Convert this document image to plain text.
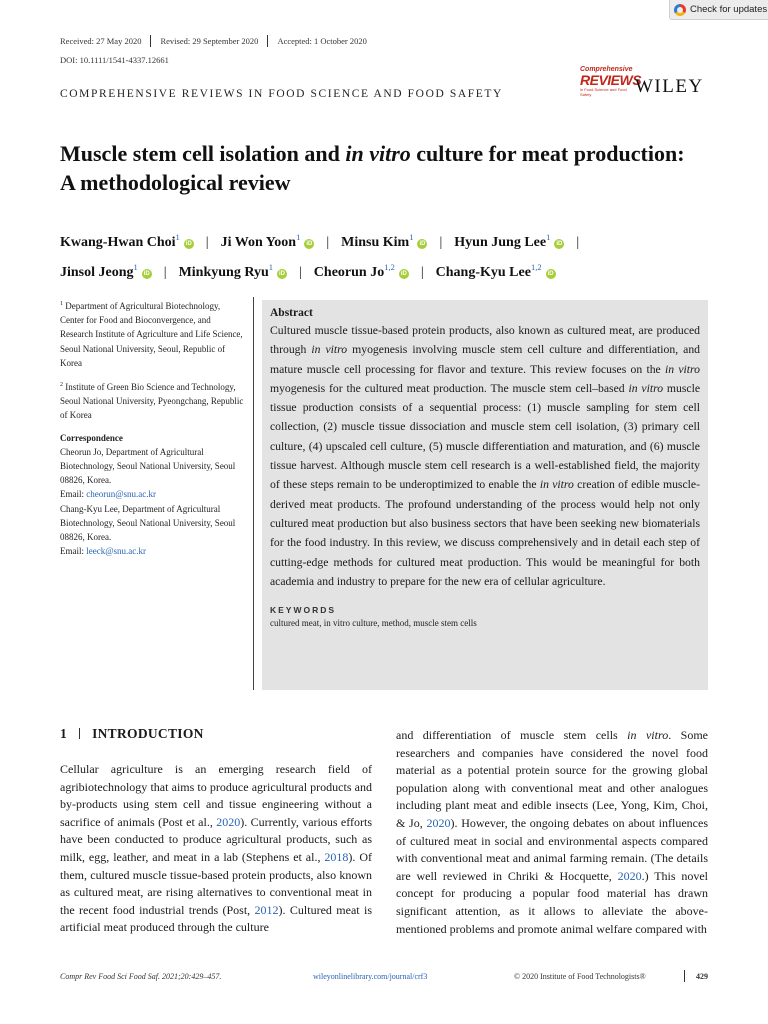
Check for updates
Received: 27 May 2020	Revised: 29 September 2020	Accepted: 1 October 2020
DOI: 10.1111/1541-4337.12661
COMPREHENSIVE REVIEWS IN FOOD SCIENCE AND FOOD SAFETY
Comprehensive
REVIEWS
in Food Science and Food Safety	WILEY
Muscle stem cell isolation and in vitro culture for meat production: A methodological review
Kwang-Hwan Choi$^1$iD | Ji Won Yoon$^1$iD | Minsu Kim$^1$iD | Hyun Jung Lee$^1$iD |
Jinsol Jeong$^1$iD | Minkyung Ryu$^1$iD | Cheorun Jo$^{1,2}$iD | Chang-Kyu Lee$^{1,2}$iD

$^1$ Department of Agricultural Biotechnology, Center for Food and Bioconvergence, and Research Institute of Agriculture and Life Science, Seoul National University, Seoul, Republic of Korea

$^2$ Institute of Green Bio Science and Technology, Seoul National University, Pyeongchang, Republic of Korea

Correspondence

Cheorun Jo, Department of Agricultural Biotechnology, Seoul National University, Seoul 08826, Korea.
Email: cheorun@snu.ac.kr
Chang-Kyu Lee, Department of Agricultural Biotechnology, Seoul National University, Seoul 08826, Korea.
Email: leeck@snu.ac.kr
Abstract
Cultured muscle tissue-based protein products, also known as cultured meat, are produced through in vitro myogenesis involving muscle stem cell culture and differentiation, and mature muscle cell processing for flavor and texture. This review focuses on the in vitro myogenesis for the cultured meat production. The muscle stem cell–based in vitro muscle tissue production consists of a sequential process: (1) muscle sampling for stem cell collection, (2) muscle tissue dissociation and muscle stem cell isolation, (3) primary cell culture, (4) upscaled cell culture, (5) muscle differentiation and maturation, and (6) muscle tissue harvest. Although muscle stem cell research is a well-established field, the majority of these steps remain to be underoptimized to enable the in vitro creation of edible muscle-derived meat products. The profound understanding of the process would help not only cultured meat production but also business sectors that have been seeking new biomaterials for the food industry. In this review, we discuss comprehensively and in detail each step of cutting-edge methods for cultured meat production. This would be meaningful for both academia and industry to prepare for the new era of cellular agriculture.
KEYWORDS
cultured meat, in vitro culture, method, muscle stem cells
1 INTRODUCTION
Cellular agriculture is an emerging research field of agribiotechnology that aims to produce agricultural products and by-products using stem cell and tissue engineering without a sacrifice of animals (Post et al., 2020). Currently, various efforts have been conducted to produce agricultural products, such as milk, egg, leather, and meat in a lab (Stephens et al., 2018). Of them, cultured muscle tissue-based protein products, also known as cultured meat, are rising alternatives to conventional meat in the recent food industrial trends (Post, 2012). Cultured meat is artificial meat produced through the culture
and differentiation of muscle stem cells in vitro. Some researchers and companies have considered the novel food material as a potential protein source for the growing global population along with conventional meat and other analogues including plant meat and edible insects (Lee, Yong, Kim, Choi, & Jo, 2020). However, the ongoing debates on about influences of cultured meat in social and environmental aspects compared with conventional meat and animal farming remain. (The details are well reviewed in Chriki & Hocquette, 2020.) This novel concept for producing a popular food material has drawn significant attention, as it allows to alleviate the above-mentioned problems and promote animal welfare compared with
Compr Rev Food Sci Food Saf. 2021;20:429–457.	wileyonlinelibrary.com/journal/crf3	© 2020 Institute of Food Technologists®	429
